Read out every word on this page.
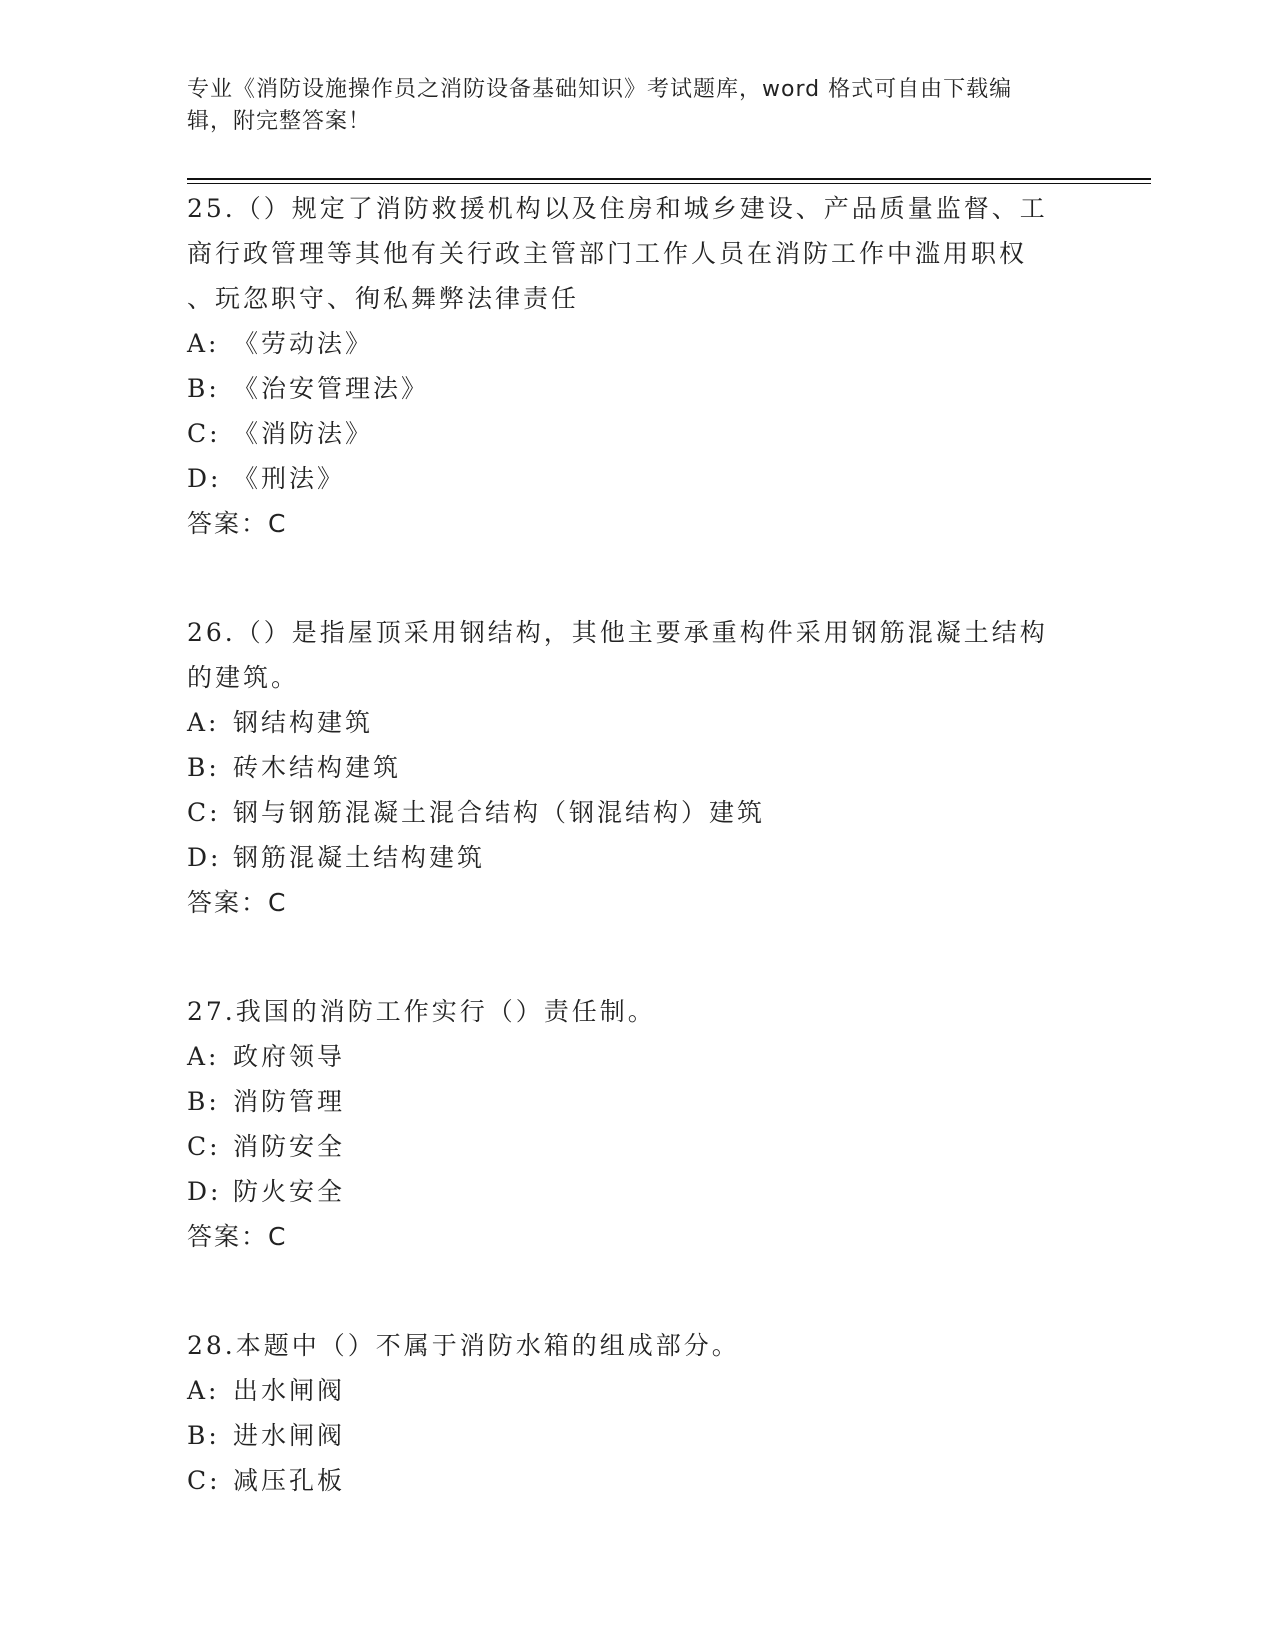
专业《消防设施操作员之消防设备基础知识》考试题库，word 格式可自由下载编
辑，附完整答案！
25.（）规定了消防救援机构以及住房和城乡建设、产品质量监督、工
商行政管理等其他有关行政主管部门工作人员在消防工作中滥用职权
、玩忽职守、徇私舞弊法律责任
A: 《劳动法》
B: 《治安管理法》
C: 《消防法》
D: 《刑法》
答案：C
26.（）是指屋顶采用钢结构，其他主要承重构件采用钢筋混凝土结构
的建筑。
A: 钢结构建筑
B: 砖木结构建筑
C: 钢与钢筋混凝土混合结构（钢混结构）建筑
D: 钢筋混凝土结构建筑
答案：C
27.我国的消防工作实行（）责任制。
A: 政府领导
B: 消防管理
C: 消防安全
D: 防火安全
答案：C
28.本题中（）不属于消防水箱的组成部分。
A: 出水闸阀
B: 进水闸阀
C: 减压孔板
